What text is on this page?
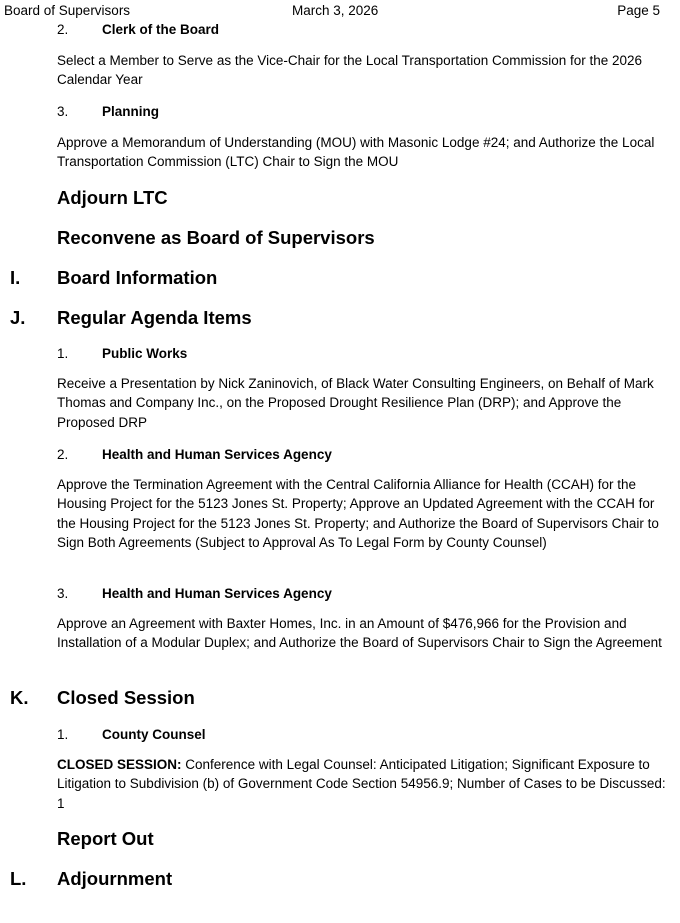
Board of Supervisors	March 3, 2026	Page 5
2. Clerk of the Board
Select a Member to Serve as the Vice-Chair for the Local Transportation Commission for the 2026 Calendar Year
3. Planning
Approve a Memorandum of Understanding (MOU) with Masonic Lodge #24; and Authorize the Local Transportation Commission (LTC) Chair to Sign the MOU
Adjourn LTC
Reconvene as Board of Supervisors
I. Board Information
J. Regular Agenda Items
1. Public Works
Receive a Presentation by Nick Zaninovich, of Black Water Consulting Engineers, on Behalf of Mark Thomas and Company Inc., on the Proposed Drought Resilience Plan (DRP); and Approve the Proposed DRP
2. Health and Human Services Agency
Approve the Termination Agreement with the Central California Alliance for Health (CCAH) for the Housing Project for the 5123 Jones St. Property; Approve an Updated Agreement with the CCAH for the Housing Project for the 5123 Jones St. Property; and Authorize the Board of Supervisors Chair to Sign Both Agreements (Subject to Approval As To Legal Form by County Counsel)
3. Health and Human Services Agency
Approve an Agreement with Baxter Homes, Inc. in an Amount of $476,966 for the Provision and Installation of a Modular Duplex; and Authorize the Board of Supervisors Chair to Sign the Agreement
K. Closed Session
1. County Counsel
CLOSED SESSION: Conference with Legal Counsel: Anticipated Litigation; Significant Exposure to Litigation to Subdivision (b) of Government Code Section 54956.9; Number of Cases to be Discussed: 1
Report Out
L. Adjournment
